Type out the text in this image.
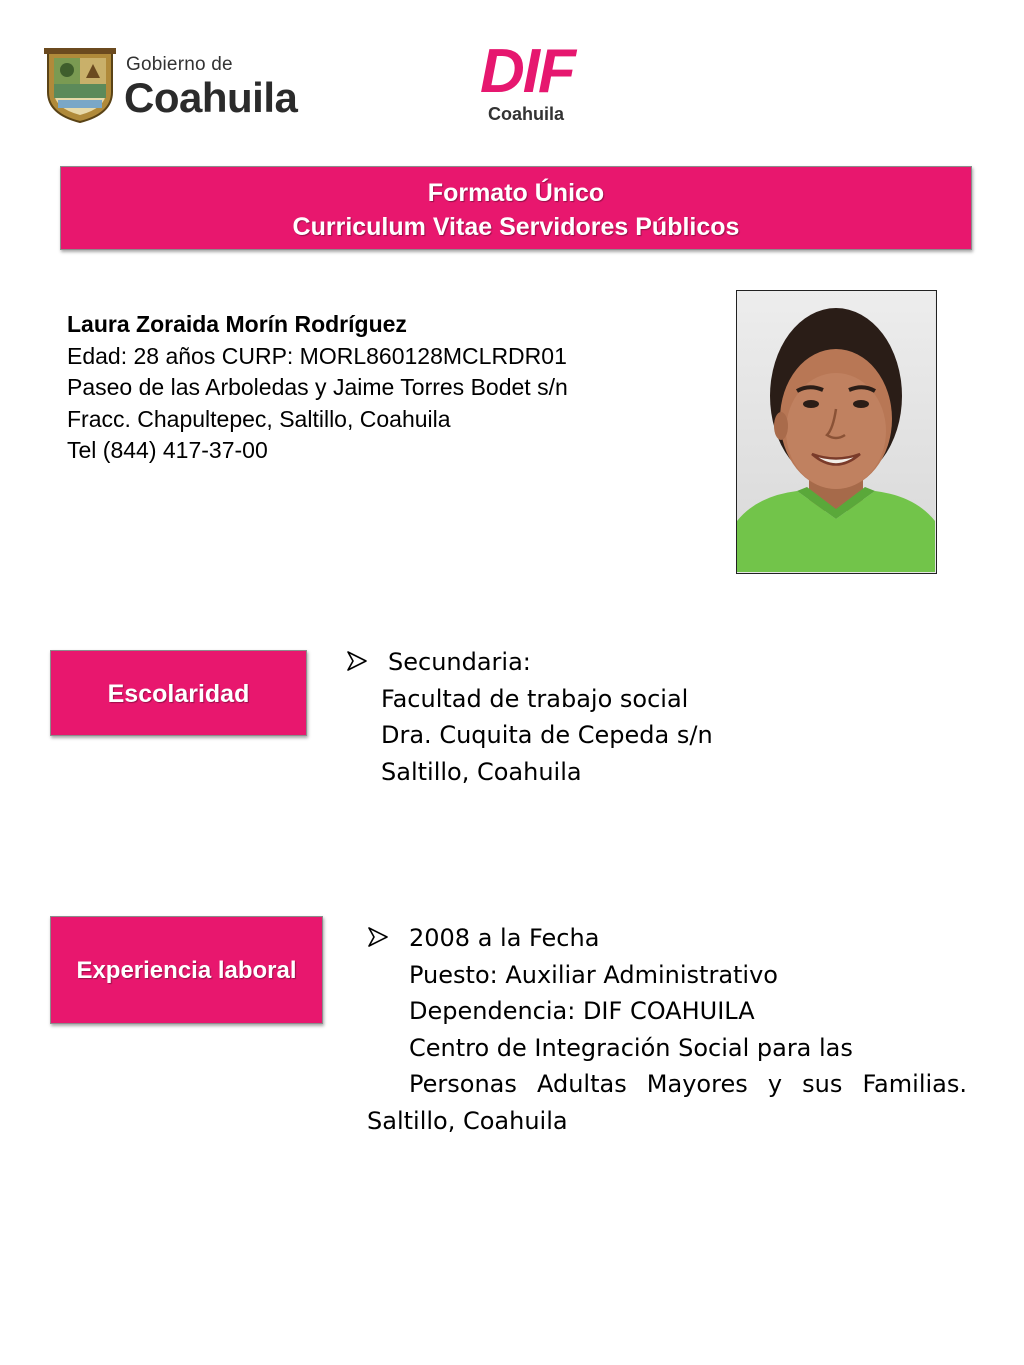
Gobierno de
Coahuila	DIF
Coahuila
Formato Único
Curriculum Vitae Servidores Públicos
Laura Zoraida Morín Rodríguez
Edad: 28 años CURP: MORL860128MCLRDR01
Paseo de las Arboledas y Jaime Torres Bodet s/n
Fracc. Chapultepec, Saltillo, Coahuila
Tel (844) 417-37-00
Escolaridad
Secundaria:
Facultad de trabajo social
Dra. Cuquita de Cepeda s/n
Saltillo, Coahuila
Experiencia laboral
2008 a la Fecha
Puesto: Auxiliar Administrativo
Dependencia: DIF COAHUILA
Centro de Integración Social para las
Personas Adultas Mayores y sus Familias.
Saltillo, Coahuila
